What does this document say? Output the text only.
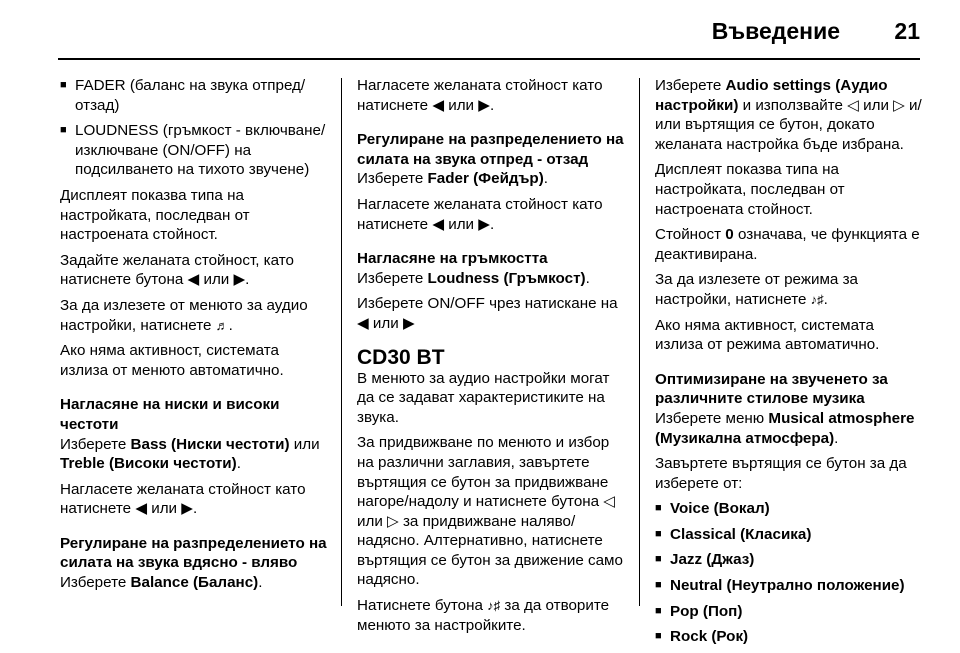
Въведение	21
■ FADER (баланс на звука отпред/отзад)
■ LOUDNESS (гръмкост - включване/изключване (ON/OFF) на подсилването на тихото звучене)

Дисплеят показва типа на настройката, последван от настроената стойност.

Задайте желаната стойност, като натиснете бутона ◀ или ▶.

За да излезете от менюто за аудио настройки, натиснете ♬.

Ако няма активност, системата излиза от менюто автоматично.

Нагласяне на ниски и високи честоти

Изберете Bass (Ниски честоти) или Treble (Високи честоти).

Нагласете желаната стойност като натиснете ◀ или ▶.

Регулиране на разпределението на силата на звука вдясно - вляво

Изберете Balance (Баланс).

Нагласете желаната стойност като натиснете ◀ или ▶.

Регулиране на разпределението на силата на звука отпред - отзад

Изберете Fader (Фейдър).

Нагласете желаната стойност като натиснете ◀ или ▶.

Нагласяне на гръмкостта

Изберете Loudness (Гръмкост).

Изберете ON/OFF чрез натискане на ◀ или ▶

CD30 BT

В менюто за аудио настройки могат да се задават характеристиките на звука.

За придвижване по менюто и избор на различни заглавия, завъртете въртящия се бутон за придвижване нагоре/надолу и натиснете бутона ◁ или ▷ за придвижване наляво/надясно. Алтернативно, натиснете въртящия се бутон за движение само надясно.

Натиснете бутона ♪♯ за да отворите менюто за настройките.

Изберете Audio settings (Аудио настройки) и използвайте ◁ или ▷ и/или въртящия се бутон, докато желаната настройка бъде избрана.

Дисплеят показва типа на настройката, последван от настроената стойност.

Стойност 0 означава, че функцията е деактивирана.

За да излезете от режима за настройки, натиснете ♪♯.

Ако няма активност, системата излиза от режима автоматично.

Оптимизиране на звученето за различните стилове музика

Изберете меню Musical atmosphere (Музикална атмосфера).

Завъртете въртящия се бутон за да изберете от:

■ Voice (Вокал)
■ Classical (Класика)
■ Jazz (Джаз)
■ Neutral (Неутрално положение)
■ Pop (Поп)
■ Rock (Рок)
